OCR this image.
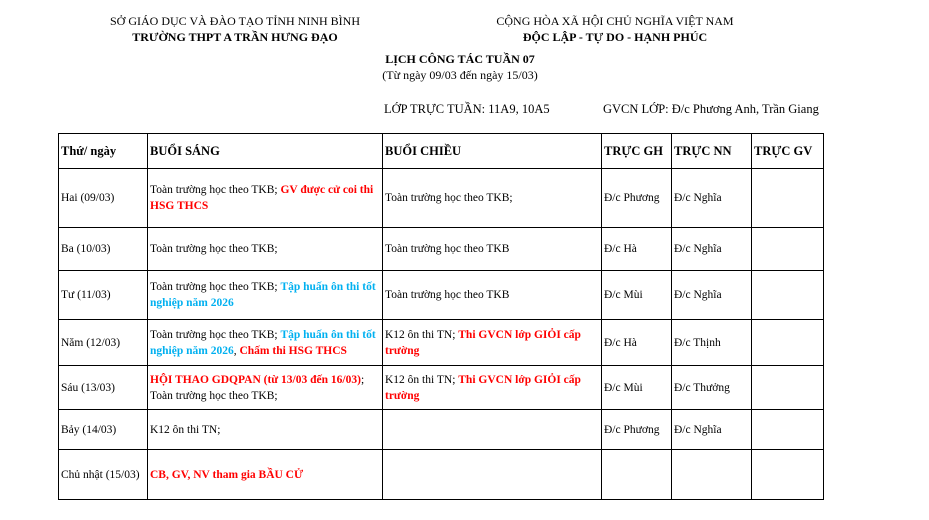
SỞ GIÁO DỤC VÀ ĐÀO TẠO TỈNH NINH BÌNH
TRƯỜNG THPT A TRẦN HƯNG ĐẠO
CỘNG HÒA XÃ HỘI CHỦ NGHĨA VIỆT NAM
ĐỘC LẬP - TỰ DO - HẠNH PHÚC
LỊCH CÔNG TÁC TUẦN 07
(Từ ngày 09/03 đến ngày 15/03)
LỚP TRỰC TUẦN: 11A9, 10A5	GVCN LỚP: Đ/c Phương Anh, Trần Giang
Thứ/ ngày	BUỔI SÁNG	BUỔI CHIỀU	TRỰC GH	TRỰC NN	TRỰC GV
Hai (09/03)	Toàn trường học theo TKB; GV được cử coi thi HSG THCS	Toàn trường học theo TKB;	Đ/c Phương	Đ/c Nghĩa	
Ba (10/03)	Toàn trường học theo TKB;	Toàn trường học theo TKB	Đ/c Hà	Đ/c Nghĩa	
Tư (11/03)	Toàn trường học theo TKB; Tập huấn ôn thi tốt nghiệp năm 2026	Toàn trường học theo TKB	Đ/c Mùi	Đ/c Nghĩa	
Năm (12/03)	Toàn trường học theo TKB; Tập huấn ôn thi tốt nghiệp năm 2026, Chấm thi HSG THCS	K12 ôn thi TN; Thi GVCN lớp GIỎI cấp trường	Đ/c Hà	Đ/c Thịnh	
Sáu (13/03)	HỘI THAO GDQPAN (từ 13/03 đến 16/03); Toàn trường học theo TKB;	K12 ôn thi TN; Thi GVCN lớp GIỎI cấp trường	Đ/c Mùi	Đ/c Thưởng	
Bảy (14/03)	K12 ôn thi TN;		Đ/c Phương	Đ/c Nghĩa	
Chủ nhật (15/03)	CB, GV, NV tham gia BẦU CỬ				
